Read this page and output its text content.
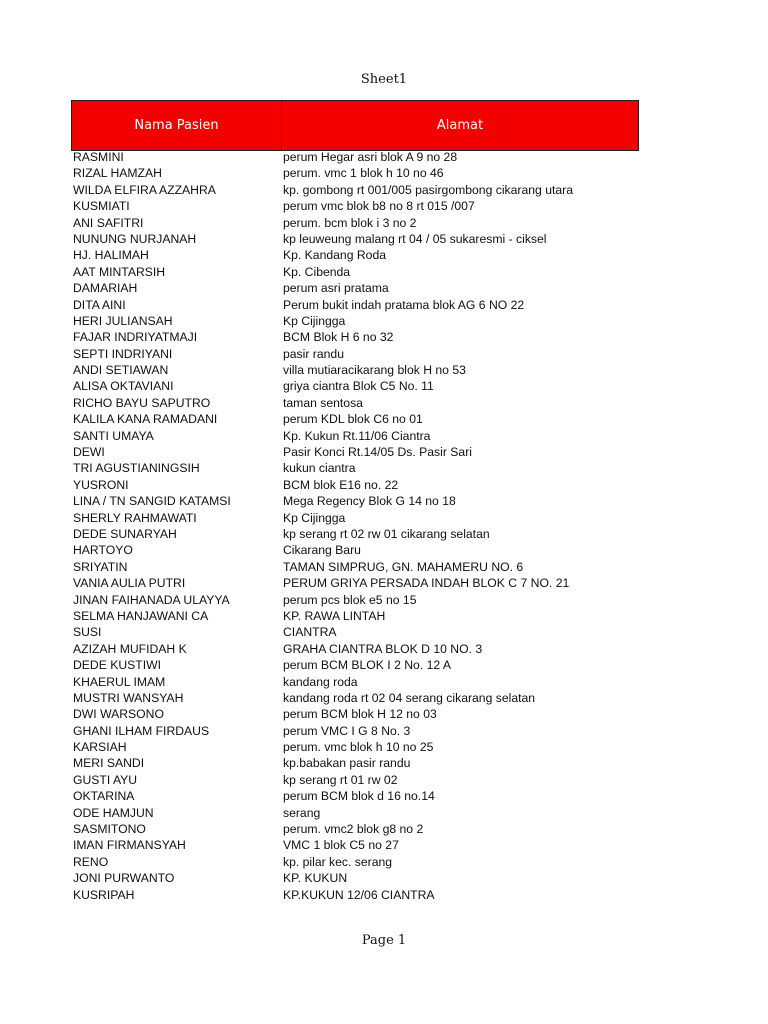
Sheet1
Nama Pasien	Alamat
RASMINI	perum Hegar asri blok A 9 no 28
RIZAL HAMZAH	perum. vmc 1 blok h 10 no 46
WILDA ELFIRA AZZAHRA	kp. gombong rt 001/005 pasirgombong cikarang utara
KUSMIATI	perum vmc blok b8 no 8 rt 015 /007
ANI SAFITRI	perum. bcm blok i 3 no 2
NUNUNG NURJANAH	kp leuweung malang rt 04 / 05 sukaresmi - ciksel
HJ. HALIMAH	Kp. Kandang Roda
AAT MINTARSIH	Kp. Cibenda
DAMARIAH	perum asri pratama
DITA AINI	Perum bukit indah pratama blok AG 6 NO 22
HERI JULIANSAH	Kp Cijingga
FAJAR INDRIYATMAJI	BCM Blok H 6 no 32
SEPTI INDRIYANI	pasir randu
ANDI SETIAWAN	villa mutiaracikarang blok H no 53
ALISA OKTAVIANI	griya ciantra Blok C5 No. 11
RICHO BAYU SAPUTRO	taman sentosa
KALILA KANA RAMADANI	perum KDL blok C6 no 01
SANTI UMAYA	Kp. Kukun Rt.11/06 Ciantra
DEWI	Pasir Konci Rt.14/05 Ds. Pasir Sari
TRI AGUSTIANINGSIH	kukun ciantra
YUSRONI	BCM blok E16 no. 22
LINA / TN SANGID KATAMSI	Mega Regency Blok G 14 no 18
SHERLY RAHMAWATI	Kp Cijingga
DEDE SUNARYAH	kp serang rt 02 rw 01 cikarang selatan
HARTOYO	Cikarang Baru
SRIYATIN	TAMAN SIMPRUG, GN. MAHAMERU NO. 6
VANIA AULIA PUTRI	PERUM GRIYA PERSADA INDAH BLOK C 7 NO. 21
JINAN FAIHANADA ULAYYA	perum pcs blok e5 no 15
SELMA HANJAWANI CA	KP. RAWA LINTAH
SUSI	CIANTRA
AZIZAH MUFIDAH K	GRAHA CIANTRA BLOK D 10 NO. 3
DEDE KUSTIWI	perum BCM BLOK I 2 No. 12 A
KHAERUL IMAM	kandang roda
MUSTRI WANSYAH	kandang roda rt 02 04 serang cikarang selatan
DWI WARSONO	perum BCM blok H 12 no 03
GHANI ILHAM FIRDAUS	perum VMC I G 8 No. 3
KARSIAH	perum. vmc blok h 10 no 25
MERI SANDI	kp.babakan pasir randu
GUSTI AYU	kp serang rt 01 rw 02
OKTARINA	perum BCM blok d 16 no.14
ODE HAMJUN	serang
SASMITONO	perum. vmc2 blok g8 no 2
IMAN FIRMANSYAH	VMC 1 blok C5 no 27
RENO	kp. pilar kec. serang
JONI PURWANTO	KP. KUKUN
KUSRIPAH	KP.KUKUN 12/06 CIANTRA
Page 1
